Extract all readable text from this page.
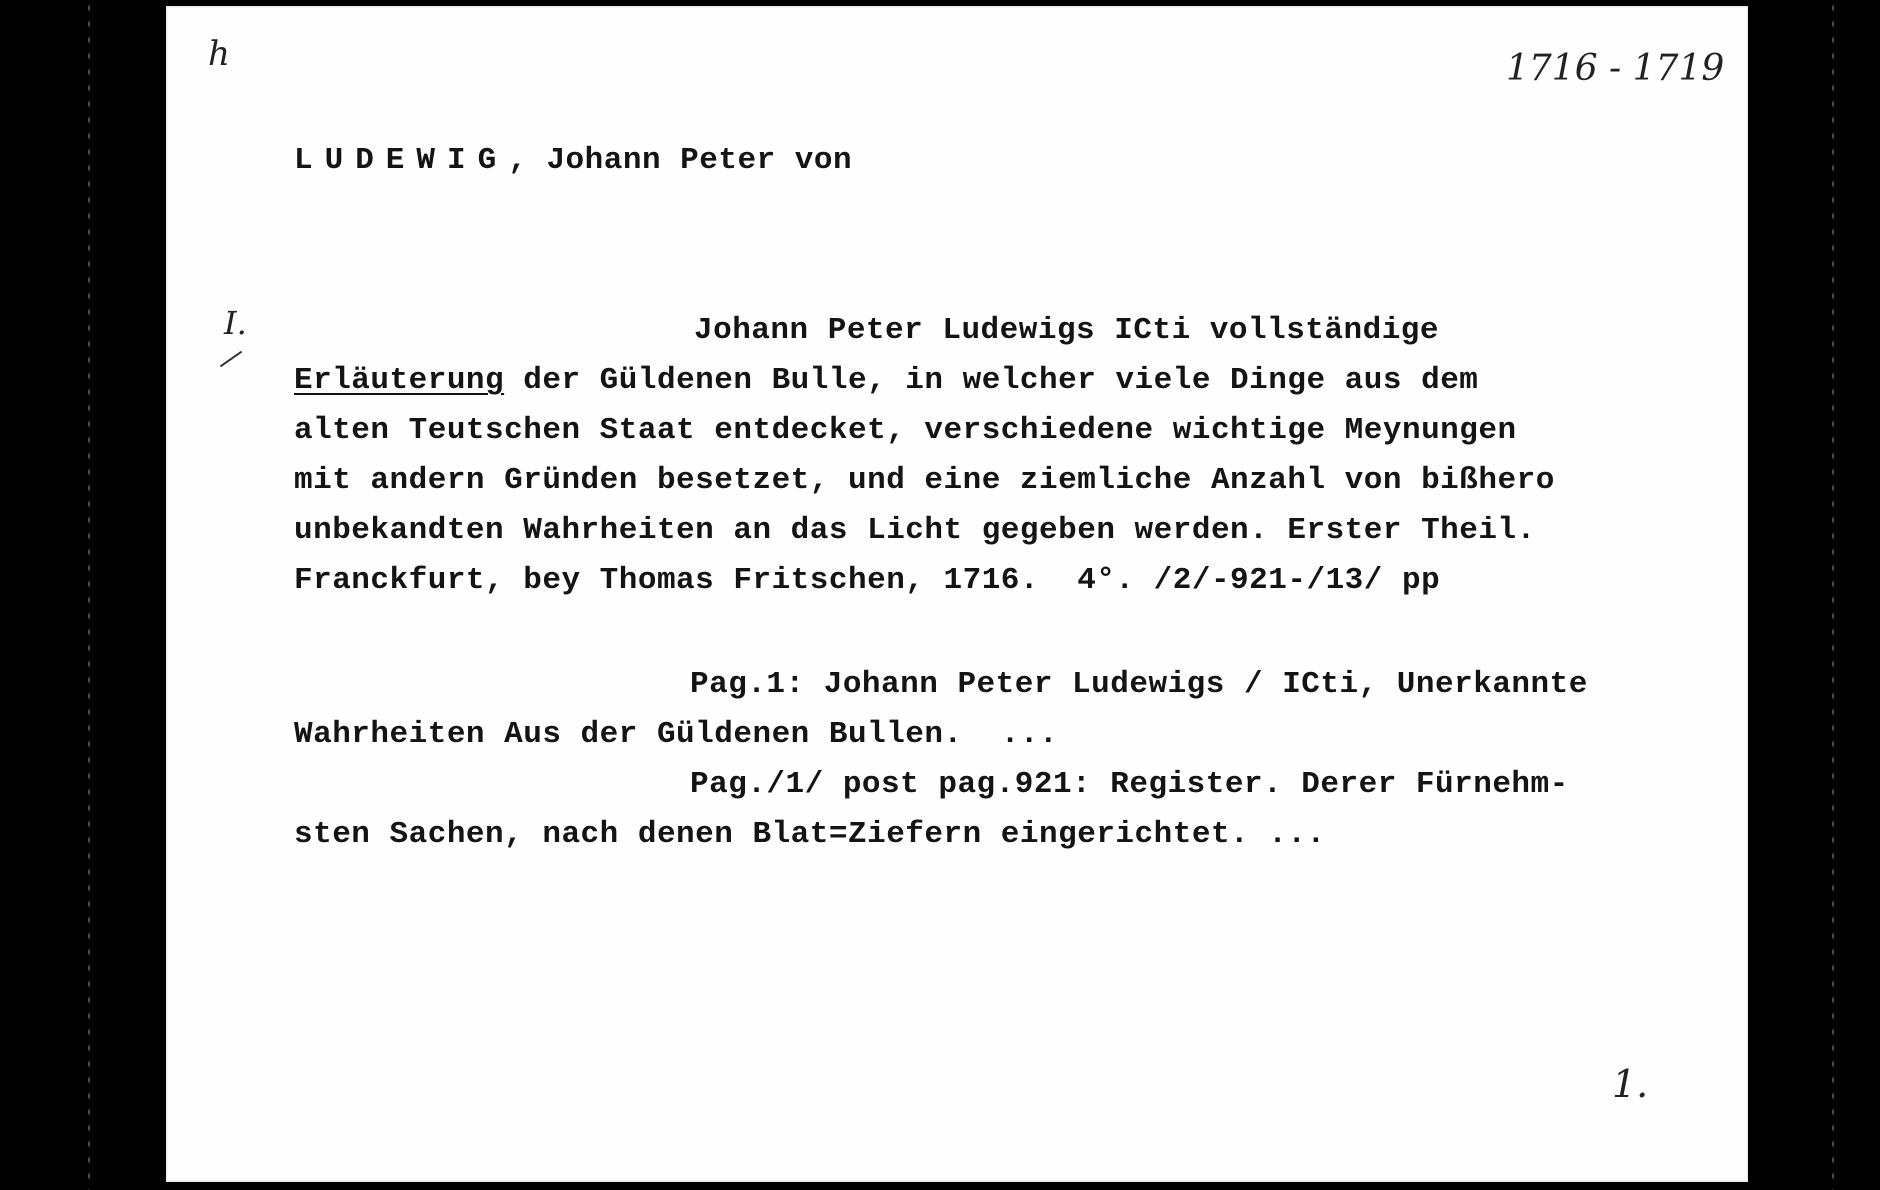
h	1716 - 1719
I.
1.
LUDEWIG, Johann Peter von
Johann Peter Ludewigs ICti vollständige
Erläuterung der Güldenen Bulle, in welcher viele Dinge aus dem
alten Teutschen Staat entdecket, verschiedene wichtige Meynungen
mit andern Gründen besetzet, und eine ziemliche Anzahl von bißhero
unbekandten Wahrheiten an das Licht gegeben werden. Erster Theil.
Franckfurt, bey Thomas Fritschen, 1716.  4°. /2/-921-/13/ pp
Pag.1: Johann Peter Ludewigs / ICti, Unerkannte
Wahrheiten Aus der Güldenen Bullen.  ...
Pag./1/ post pag.921: Register. Derer Fürnehm-
sten Sachen, nach denen Blat=Ziefern eingerichtet. ...
